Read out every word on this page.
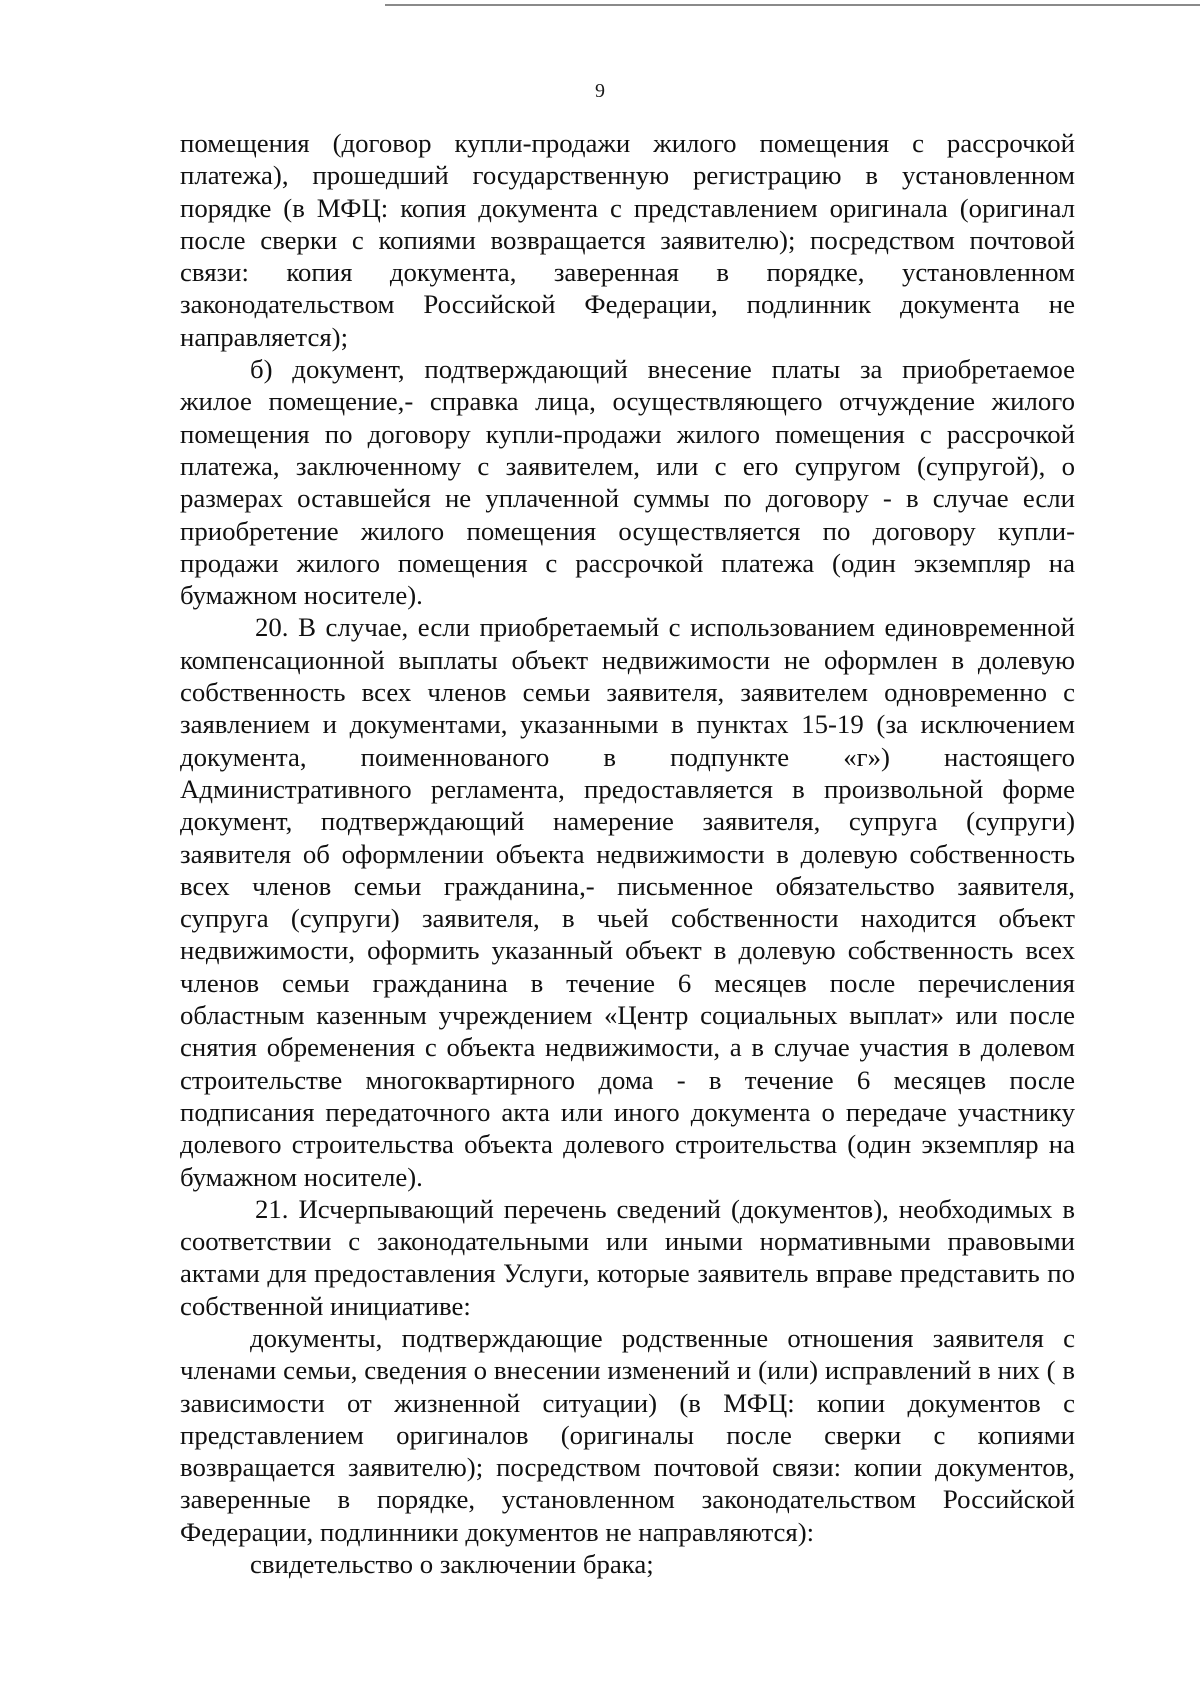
9

помещения (договор купли-продажи жилого помещения с рассрочкой платежа), прошедший государственную регистрацию в установленном порядке (в МФЦ: копия документа с представлением оригинала (оригинал после сверки с копиями возвращается заявителю); посредством почтовой связи: копия документа, заверенная в порядке, установленном законодательством Российской Федерации, подлинник документа не направляется);

б) документ, подтверждающий внесение платы за приобретаемое жилое помещение,- справка лица, осуществляющего отчуждение жилого помещения по договору купли-продажи жилого помещения с рассрочкой платежа, заключенному с заявителем, или с его супругом (супругой), о размерах оставшейся не уплаченной суммы по договору - в случае если приобретение жилого помещения осуществляется по договору купли-продажи жилого помещения с рассрочкой платежа (один экземпляр на бумажном носителе).

20. В случае, если приобретаемый с использованием единовременной компенсационной выплаты объект недвижимости не оформлен в долевую собственность всех членов семьи заявителя, заявителем одновременно с заявлением и документами, указанными в пунктах 15-19 (за исключением документа, поименнованого в подпункте «г») настоящего Административного регламента, предоставляется в произвольной форме документ, подтверждающий намерение заявителя, супруга (супруги) заявителя об оформлении объекта недвижимости в долевую собственность всех членов семьи гражданина,- письменное обязательство заявителя, супруга (супруги) заявителя, в чьей собственности находится объект недвижимости, оформить указанный объект в долевую собственность всех членов семьи гражданина в течение 6 месяцев после перечисления областным казенным учреждением «Центр социальных выплат» или после снятия обременения с объекта недвижимости, а в случае участия в долевом строительстве многоквартирного дома - в течение 6 месяцев после подписания передаточного акта или иного документа о передаче участнику долевого строительства объекта долевого строительства (один экземпляр на бумажном носителе).

21. Исчерпывающий перечень сведений (документов), необходимых в соответствии с законодательными или иными нормативными правовыми актами для предоставления Услуги, которые заявитель вправе представить по собственной инициативе:

документы, подтверждающие родственные отношения заявителя с членами семьи, сведения о внесении изменений и (или) исправлений в них ( в зависимости от жизненной ситуации) (в МФЦ: копии документов с представлением оригиналов (оригиналы после сверки с копиями возвращается заявителю); посредством почтовой связи: копии документов, заверенные в порядке, установленном законодательством Российской Федерации, подлинники документов не направляются):

свидетельство о заключении брака;
